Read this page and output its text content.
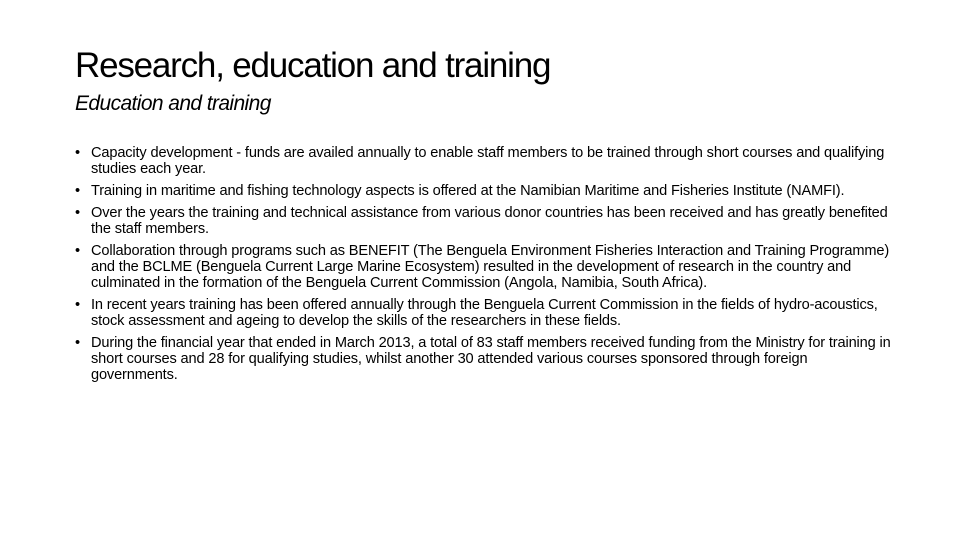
Research, education and training
Education and training
• Capacity development - funds are availed annually to enable staff members to be trained through short courses and qualifying studies each year.
• Training in maritime and fishing technology aspects is offered at the Namibian Maritime and Fisheries Institute (NAMFI).
• Over the years the training and technical assistance from various donor countries has been received and has greatly benefited the staff members.
• Collaboration through programs such as BENEFIT (The Benguela Environment Fisheries Interaction and Training Programme) and the BCLME (Benguela Current Large Marine Ecosystem) resulted in the development of research in the country and culminated in the formation of the Benguela Current Commission (Angola, Namibia, South Africa).
• In recent years training has been offered annually through the Benguela Current Commission in the fields of hydro-acoustics, stock assessment and ageing to develop the skills of the researchers in these fields.
• During the financial year that ended in March 2013, a total of 83 staff members received funding from the Ministry for training in short courses and 28 for qualifying studies, whilst another 30 attended various courses sponsored through foreign governments.
